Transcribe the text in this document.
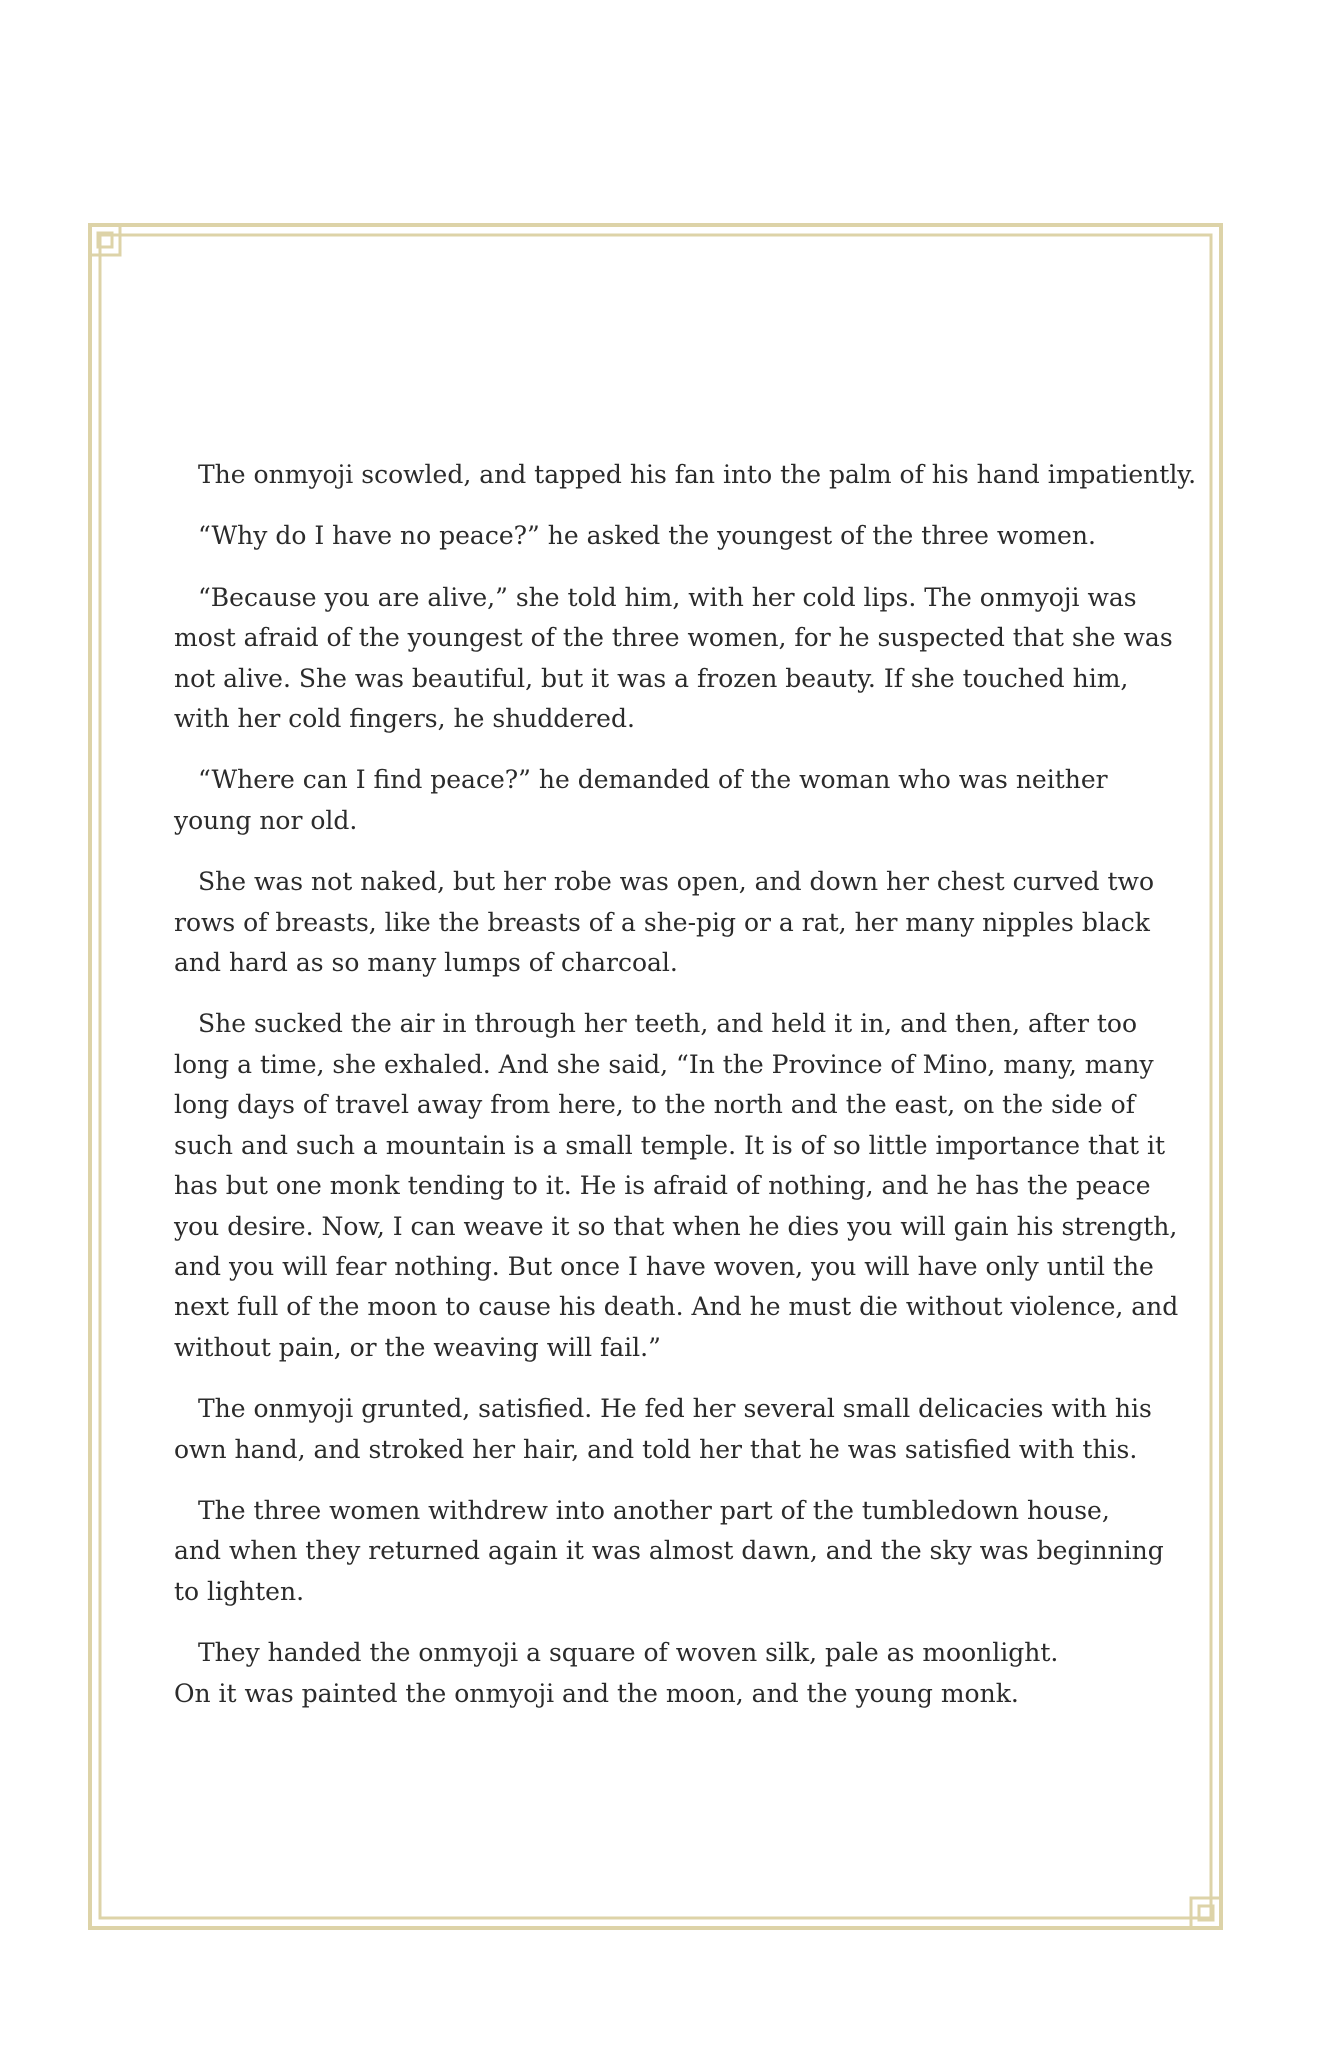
The onmyoji scowled, and tapped his fan into the palm of his hand impatiently.

“Why do I have no peace?” he asked the youngest of the three women.

“Because you are alive,” she told him, with her cold lips. The onmyoji was
most afraid of the youngest of the three women, for he suspected that she was
not alive. She was beautiful, but it was a frozen beauty. If she touched him,
with her cold fingers, he shuddered.

“Where can I find peace?” he demanded of the woman who was neither
young nor old.

She was not naked, but her robe was open, and down her chest curved two
rows of breasts, like the breasts of a she-pig or a rat, her many nipples black
and hard as so many lumps of charcoal.

She sucked the air in through her teeth, and held it in, and then, after too
long a time, she exhaled. And she said, “In the Province of Mino, many, many
long days of travel away from here, to the north and the east, on the side of
such and such a mountain is a small temple. It is of so little importance that it
has but one monk tending to it. He is afraid of nothing, and he has the peace
you desire. Now, I can weave it so that when he dies you will gain his strength,
and you will fear nothing. But once I have woven, you will have only until the
next full of the moon to cause his death. And he must die without violence, and
without pain, or the weaving will fail.”

The onmyoji grunted, satisfied. He fed her several small delicacies with his
own hand, and stroked her hair, and told her that he was satisfied with this.

The three women withdrew into another part of the tumbledown house,
and when they returned again it was almost dawn, and the sky was beginning
to lighten.

They handed the onmyoji a square of woven silk, pale as moonlight.
On it was painted the onmyoji and the moon, and the young monk.
